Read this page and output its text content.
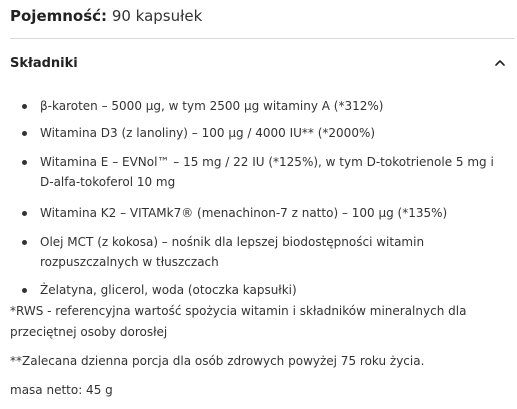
Pojemność: 90 kapsułek
Składniki
β-karoten – 5000 µg, w tym 2500 µg witaminy A (*312%)
Witamina D3 (z lanoliny) – 100 µg / 4000 IU** (*2000%)
Witamina E – EVNol™ – 15 mg / 22 IU (*125%), w tym D-tokotrienole 5 mg i D-alfa-tokoferol 10 mg
Witamina K2 – VITAMk7® (menachinon-7 z natto) – 100 µg (*135%)
Olej MCT (z kokosa) – nośnik dla lepszej biodostępności witamin rozpuszczalnych w tłuszczach
Żelatyna, glicerol, woda (otoczka kapsułki)
*RWS - referencyjna wartość spożycia witamin i składników mineralnych dla przeciętnej osoby dorosłej
**Zalecana dzienna porcja dla osób zdrowych powyżej 75 roku życia.
masa netto: 45 g
